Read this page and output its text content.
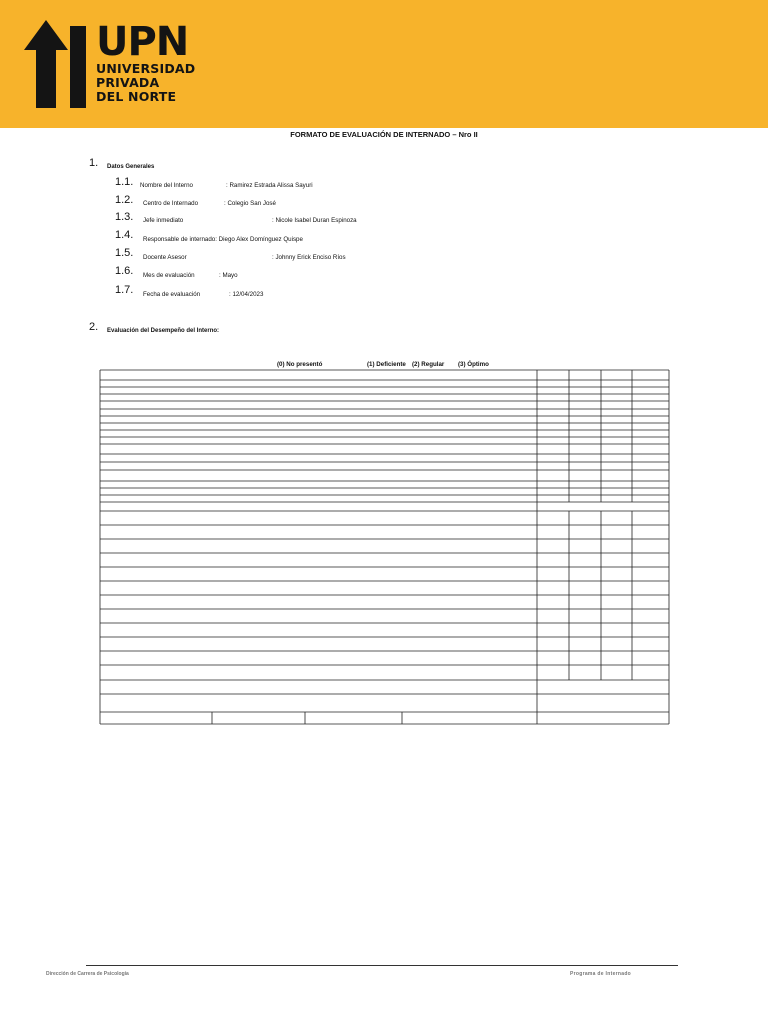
UPN
UNIVERSIDAD
PRIVADA
DEL NORTE
FORMATO DE EVALUACIÓN DE INTERNADO – Nro II
1. Datos Generales
1.1. Nombre del Interno	: Ramirez Estrada Alissa Sayuri
1.2. Centro de Internado	: Colegio San José
1.3. Jefe inmediato	: Nicole Isabel Duran Espinoza
1.4. Responsable de internado: Diego Alex Domínguez Quispe
1.5. Docente Asesor	: Johnny Erick Enciso Ríos
1.6. Mes de evaluación	: Mayo
1.7. Fecha de evaluación	: 12/04/2023
2. Evaluación del Desempeño del Interno:
(0) No presentó	(1) Deficiente (2) Regular (3) Óptimo
Dirección de Carrera de Psicología	Programa de Internado
